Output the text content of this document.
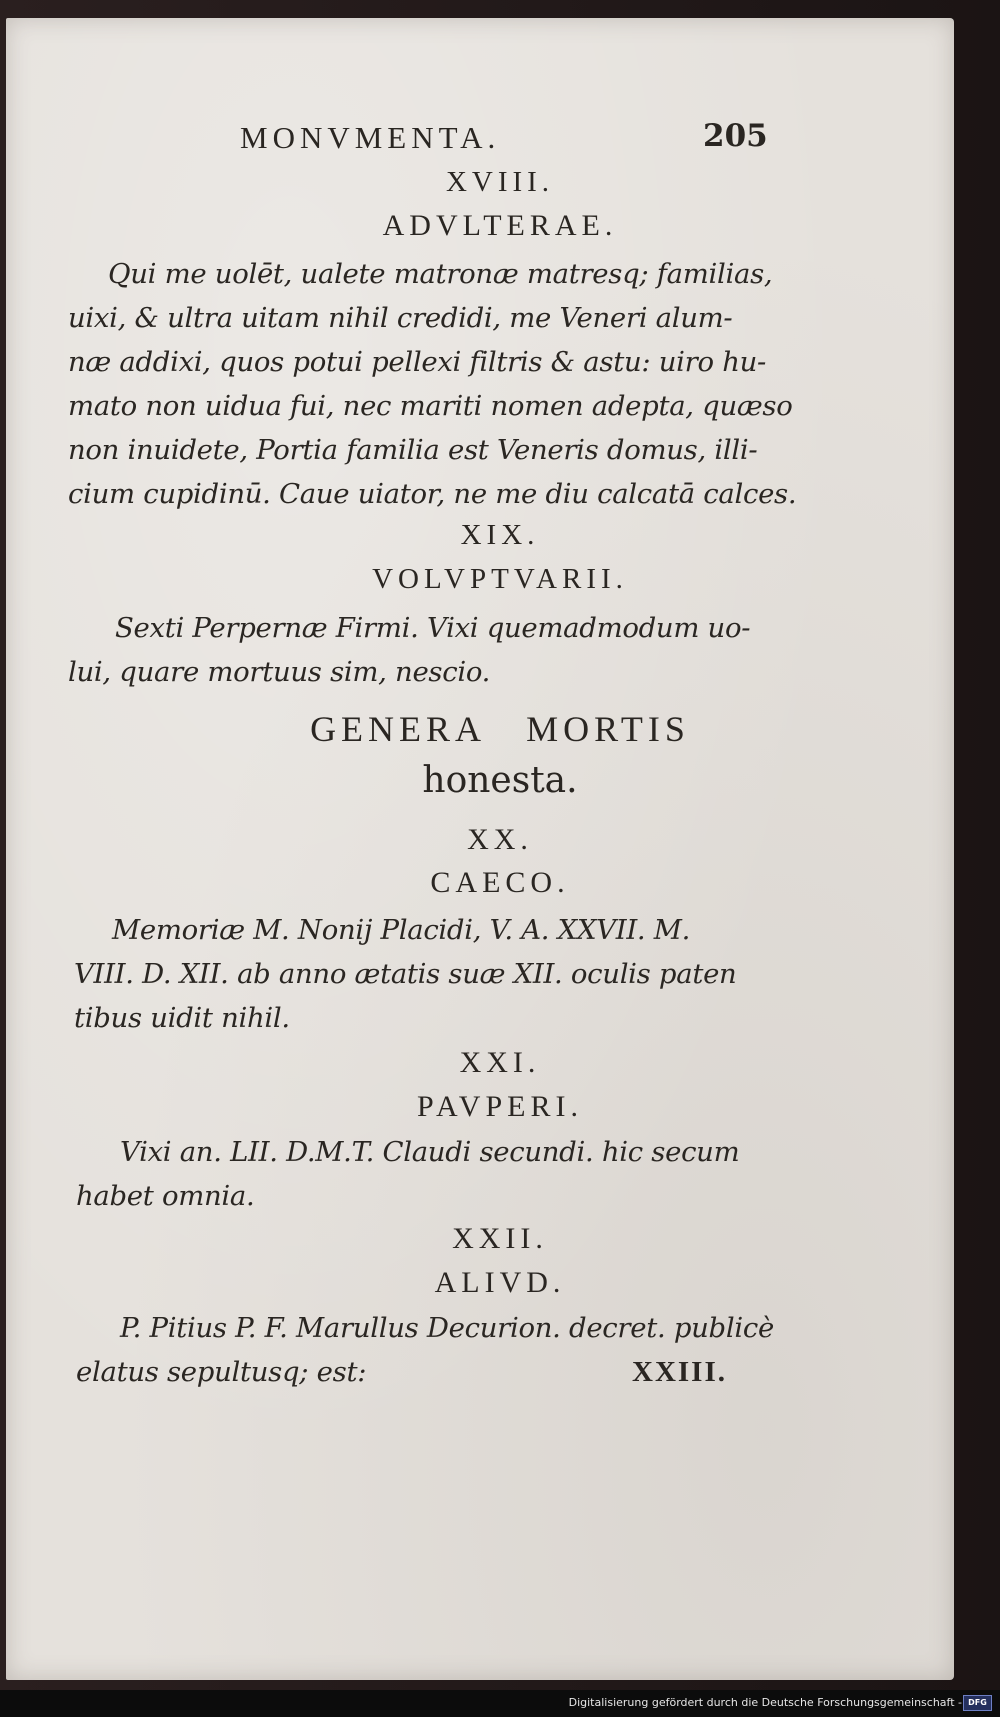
MONVMENTA.	205
XVIII.
ADVLTERAE.
Qui me uolēt, ualete matronæ matresq; familias,
uixi, & ultra uitam nihil credidi, me Veneri alum-
næ addixi, quos potui pellexi filtris & astu: uiro hu-
mato non uidua fui, nec mariti nomen adepta, quæso
non inuidete, Portia familia est Veneris domus, illi-
cium cupidinū. Caue uiator, ne me diu calcatā calces.
XIX.
VOLVPTVARII.
Sexti Perpernæ Firmi. Vixi quemadmodum uo-
lui, quare mortuus sim, nescio.
GENERA   MORTIS
honesta.
XX.
CAECO.
Memoriæ M. Nonij Placidi, V. A. XXVII. M.
VIII. D. XII. ab anno ætatis suæ XII. oculis paten
tibus uidit nihil.
XXI.
PAVPERI.
Vixi an. LII. D.M.T. Claudi secundi. hic secum
habet omnia.
XXII.
ALIVD.
P. Pitius P. F. Marullus Decurion. decret. publicè
elatus sepultusq; est:	XXIII.
Digitalisierung gefördert durch die Deutsche Forschungsgemeinschaft - DFG
